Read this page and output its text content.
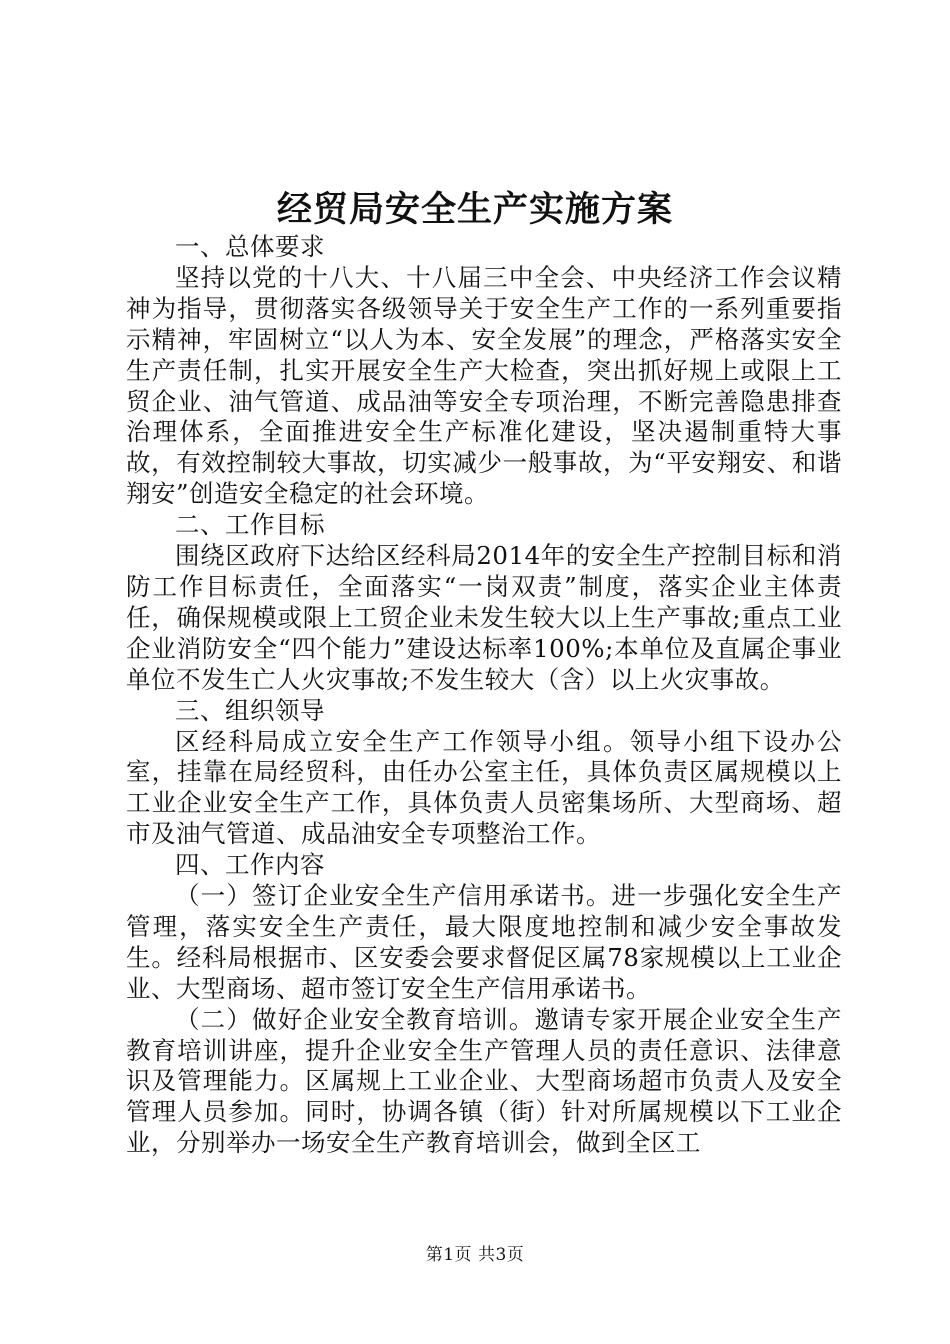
经贸局安全生产实施方案

一、总体要求

坚持以党的十八大、十八届三中全会、中央经济工作会议精神为指导，贯彻落实各级领导关于安全生产工作的一系列重要指示精神，牢固树立“以人为本、安全发展”的理念，严格落实安全生产责任制，扎实开展安全生产大检查，突出抓好规上或限上工贸企业、油气管道、成品油等安全专项治理，不断完善隐患排查治理体系，全面推进安全生产标准化建设，坚决遏制重特大事故，有效控制较大事故，切实减少一般事故，为“平安翔安、和谐翔安”创造安全稳定的社会环境。

二、工作目标

围绕区政府下达给区经科局2014年的安全生产控制目标和消防工作目标责任，全面落实“一岗双责”制度，落实企业主体责任，确保规模或限上工贸企业未发生较大以上生产事故;重点工业企业消防安全“四个能力”建设达标率100%;本单位及直属企事业单位不发生亡人火灾事故;不发生较大（含）以上火灾事故。

三、组织领导

区经科局成立安全生产工作领导小组。领导小组下设办公室，挂靠在局经贸科，由任办公室主任，具体负责区属规模以上工业企业安全生产工作，具体负责人员密集场所、大型商场、超市及油气管道、成品油安全专项整治工作。

四、工作内容

（一）签订企业安全生产信用承诺书。进一步强化安全生产管理，落实安全生产责任，最大限度地控制和减少安全事故发生。经科局根据市、区安委会要求督促区属78家规模以上工业企业、大型商场、超市签订安全生产信用承诺书。

（二）做好企业安全教育培训。邀请专家开展企业安全生产教育培训讲座，提升企业安全生产管理人员的责任意识、法律意识及管理能力。区属规上工业企业、大型商场超市负责人及安全管理人员参加。同时，协调各镇（街）针对所属规模以下工业企业，分别举办一场安全生产教育培训会，做到全区工

第1页 共3页
